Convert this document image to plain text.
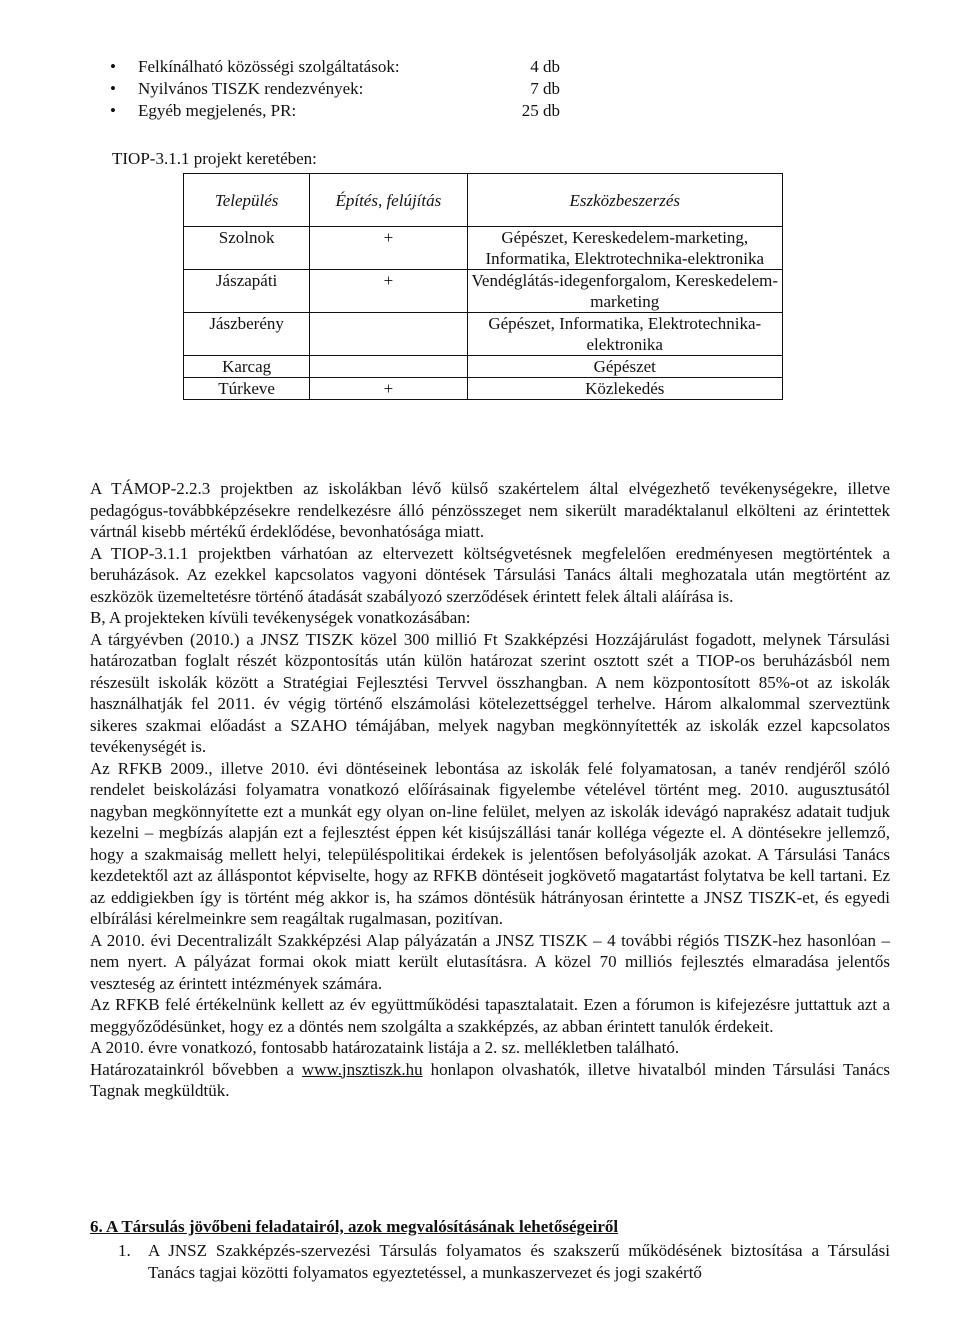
•	Felkínálható közösségi szolgáltatások:	4 db
•	Nyilvános TISZK rendezvények:	7 db
•	Egyéb megjelenés, PR:	25 db
TIOP-3.1.1 projekt keretében:
Település	Építés, felújítás	Eszközbeszerzés
Szolnok	+	Gépészet, Kereskedelem-marketing, Informatika, Elektrotechnika-elektronika
Jászapáti	+	Vendéglátás-idegenforgalom, Kereskedelem-marketing
Jászberény		Gépészet, Informatika, Elektrotechnika-elektronika
Karcag		Gépészet
Túrkeve	+	Közlekedés

A TÁMOP-2.2.3 projektben az iskolákban lévő külső szakértelem által elvégezhető tevékenységekre, illetve pedagógus-továbbképzésekre rendelkezésre álló pénzösszeget nem sikerült maradéktalanul elkölteni az érintettek vártnál kisebb mértékű érdeklődése, bevonhatósága miatt.

A TIOP-3.1.1 projektben várhatóan az eltervezett költségvetésnek megfelelően eredményesen megtörténtek a beruházások. Az ezekkel kapcsolatos vagyoni döntések Társulási Tanács általi meghozatala után megtörtént az eszközök üzemeltetésre történő átadását szabályozó szerződések érintett felek általi aláírása is.

B, A projekteken kívüli tevékenységek vonatkozásában:

A tárgyévben (2010.) a JNSZ TISZK közel 300 millió Ft Szakképzési Hozzájárulást fogadott, melynek Társulási határozatban foglalt részét központosítás után külön határozat szerint osztott szét a TIOP-os beruházásból nem részesült iskolák között a Stratégiai Fejlesztési Tervvel összhangban. A nem központosított 85%-ot az iskolák használhatják fel 2011. év végig történő elszámolási kötelezettséggel terhelve. Három alkalommal szerveztünk sikeres szakmai előadást a SZAHO témájában, melyek nagyban megkönnyítették az iskolák ezzel kapcsolatos tevékenységét is.

Az RFKB 2009., illetve 2010. évi döntéseinek lebontása az iskolák felé folyamatosan, a tanév rendjéről szóló rendelet beiskolázási folyamatra vonatkozó előírásainak figyelembe vételével történt meg. 2010. augusztusától nagyban megkönnyítette ezt a munkát egy olyan on-line felület, melyen az iskolák idevágó naprakész adatait tudjuk kezelni – megbízás alapján ezt a fejlesztést éppen két kisújszállási tanár kollégа végezte el. A döntésekre jellemző, hogy a szakmaiság mellett helyi, településpolitikai érdekek is jelentősen befolyásolják azokat. A Társulási Tanács kezdetektől azt az álláspontot képviselte, hogy az RFKB döntéseit jogkövető magatartást folytatva be kell tartani. Ez az eddigiekben így is történt még akkor is, ha számos döntésük hátrányosan érintette a JNSZ TISZK-et, és egyedi elbírálási kérelmeinkre sem reagáltak rugalmasan, pozitívan.

A 2010. évi Decentralizált Szakképzési Alap pályázatán a JNSZ TISZK – 4 további régiós TISZK-hez hasonlóan – nem nyert. A pályázat formai okok miatt került elutasításra. A közel 70 milliós fejlesztés elmaradása jelentős veszteség az érintett intézmények számára.

Az RFKB felé értékelnünk kellett az év együttműködési tapasztalatait. Ezen a fórumon is kifejezésre juttattuk azt a meggyőződésünket, hogy ez a döntés nem szolgálta a szakképzés, az abban érintett tanulók érdekeit.

A 2010. évre vonatkozó, fontosabb határozataink listája a 2. sz. mellékletben található.

Határozatainkról bővebben a www.jnsztiszk.hu honlapon olvashatók, illetve hivatalból minden Társulási Tanács Tagnak megküldtük.

6. A Társulás jövőbeni feladatairól, azok megvalósításának lehetőségeiről
1.	A JNSZ Szakképzés-szervezési Társulás folyamatos és szakszerű működésének biztosítása a Társulási Tanács tagjai közötti folyamatos egyeztetéssel, a munkaszervezet és jogi szakértő
